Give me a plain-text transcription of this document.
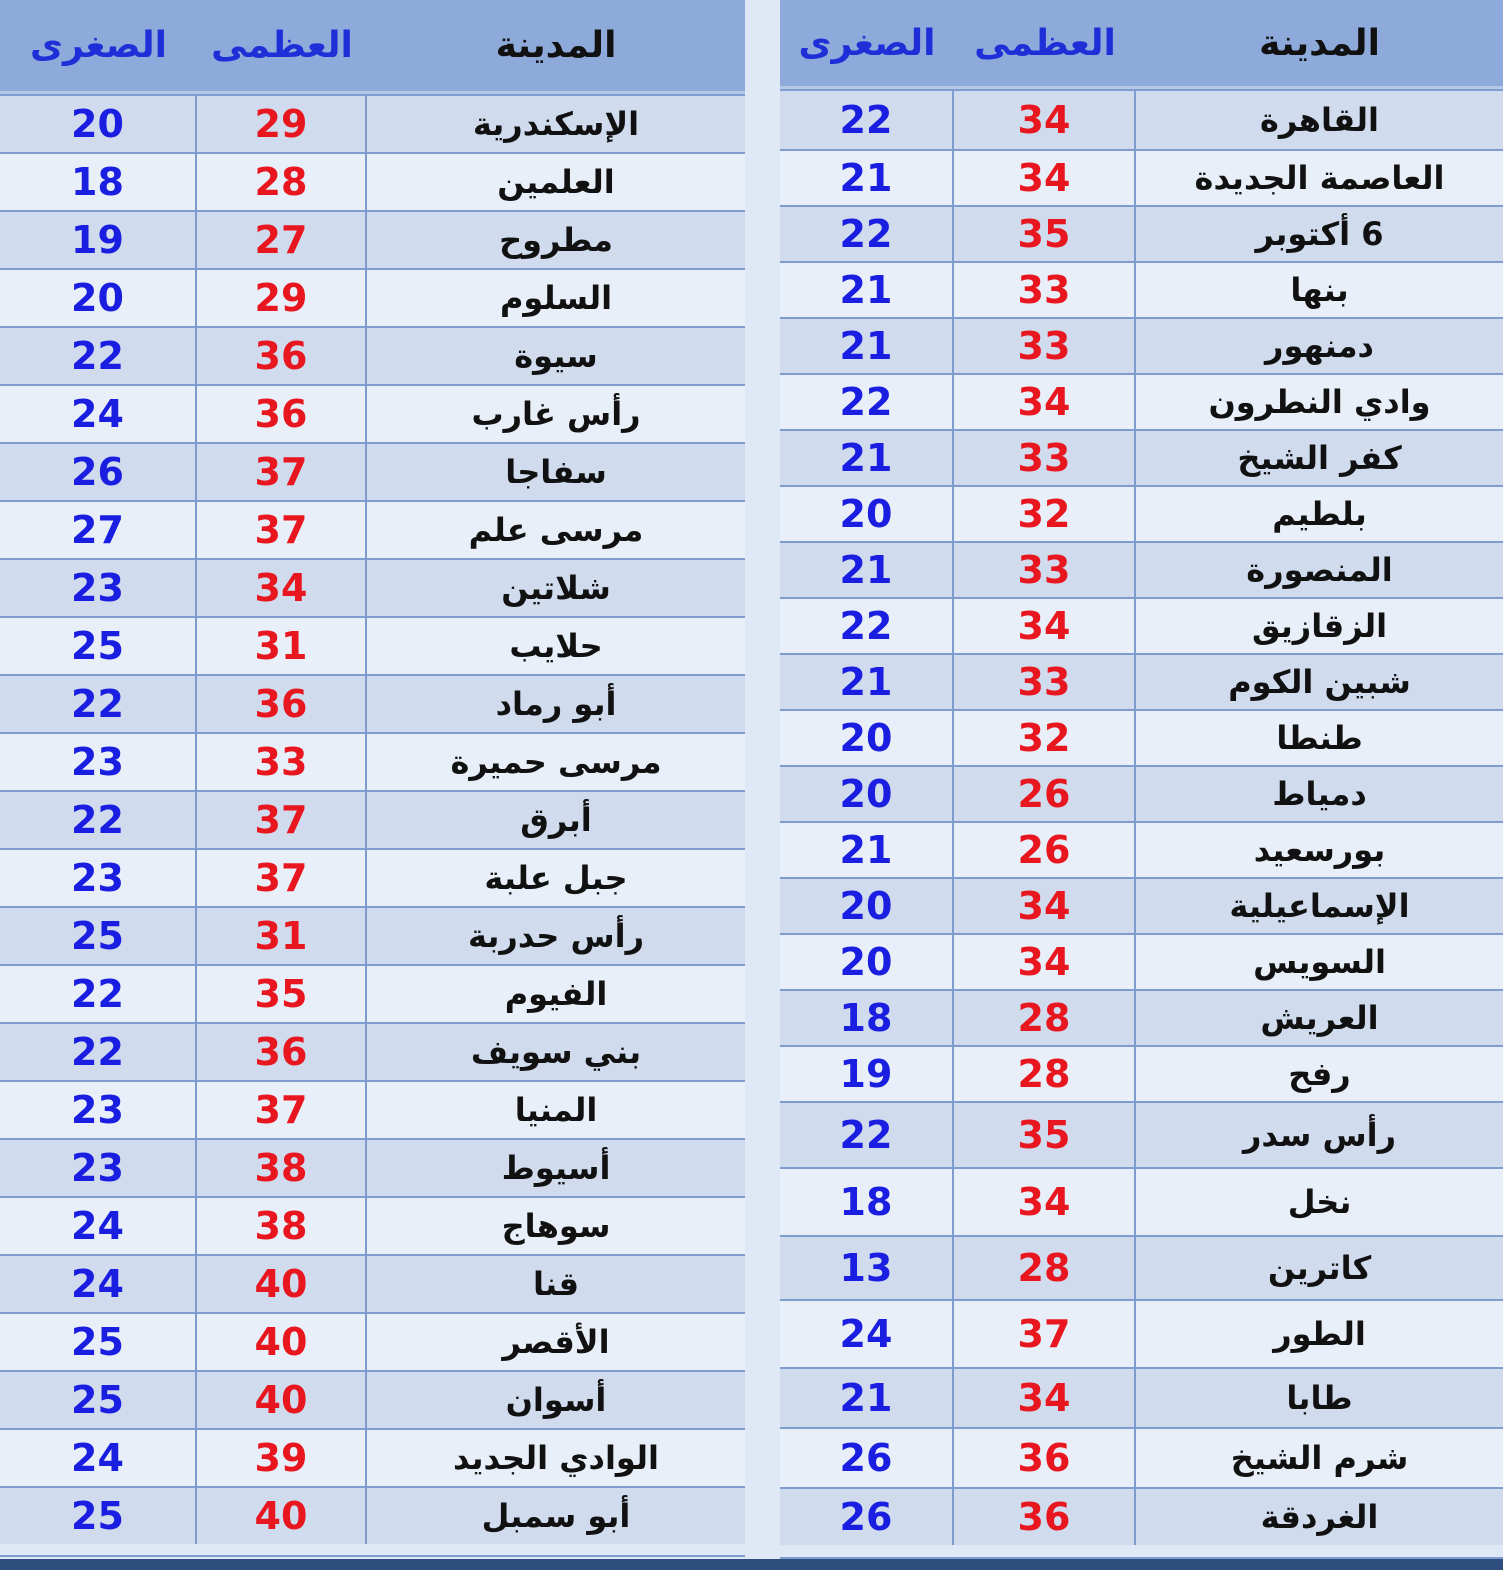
المدينة
العظمى
الصغرى
القاهرة
34
22
العاصمة الجديدة
34
21
6 أكتوبر
35
22
بنها
33
21
دمنهور
33
21
وادي النطرون
34
22
كفر الشيخ
33
21
بلطيم
32
20
المنصورة
33
21
الزقازيق
34
22
شبين الكوم
33
21
طنطا
32
20
دمياط
26
20
بورسعيد
26
21
الإسماعيلية
34
20
السويس
34
20
العريش
28
18
رفح
28
19
رأس سدر
35
22
نخل
34
18
كاترين
28
13
الطور
37
24
طابا
34
21
شرم الشيخ
36
26
الغردقة
36
26
المدينة
العظمى
الصغرى
الإسكندرية
29
20
العلمين
28
18
مطروح
27
19
السلوم
29
20
سيوة
36
22
رأس غارب
36
24
سفاجا
37
26
مرسى علم
37
27
شلاتين
34
23
حلايب
31
25
أبو رماد
36
22
مرسى حميرة
33
23
أبرق
37
22
جبل علبة
37
23
رأس حدربة
31
25
الفيوم
35
22
بني سويف
36
22
المنيا
37
23
أسيوط
38
23
سوهاج
38
24
قنا
40
24
الأقصر
40
25
أسوان
40
25
الوادي الجديد
39
24
أبو سمبل
40
25
